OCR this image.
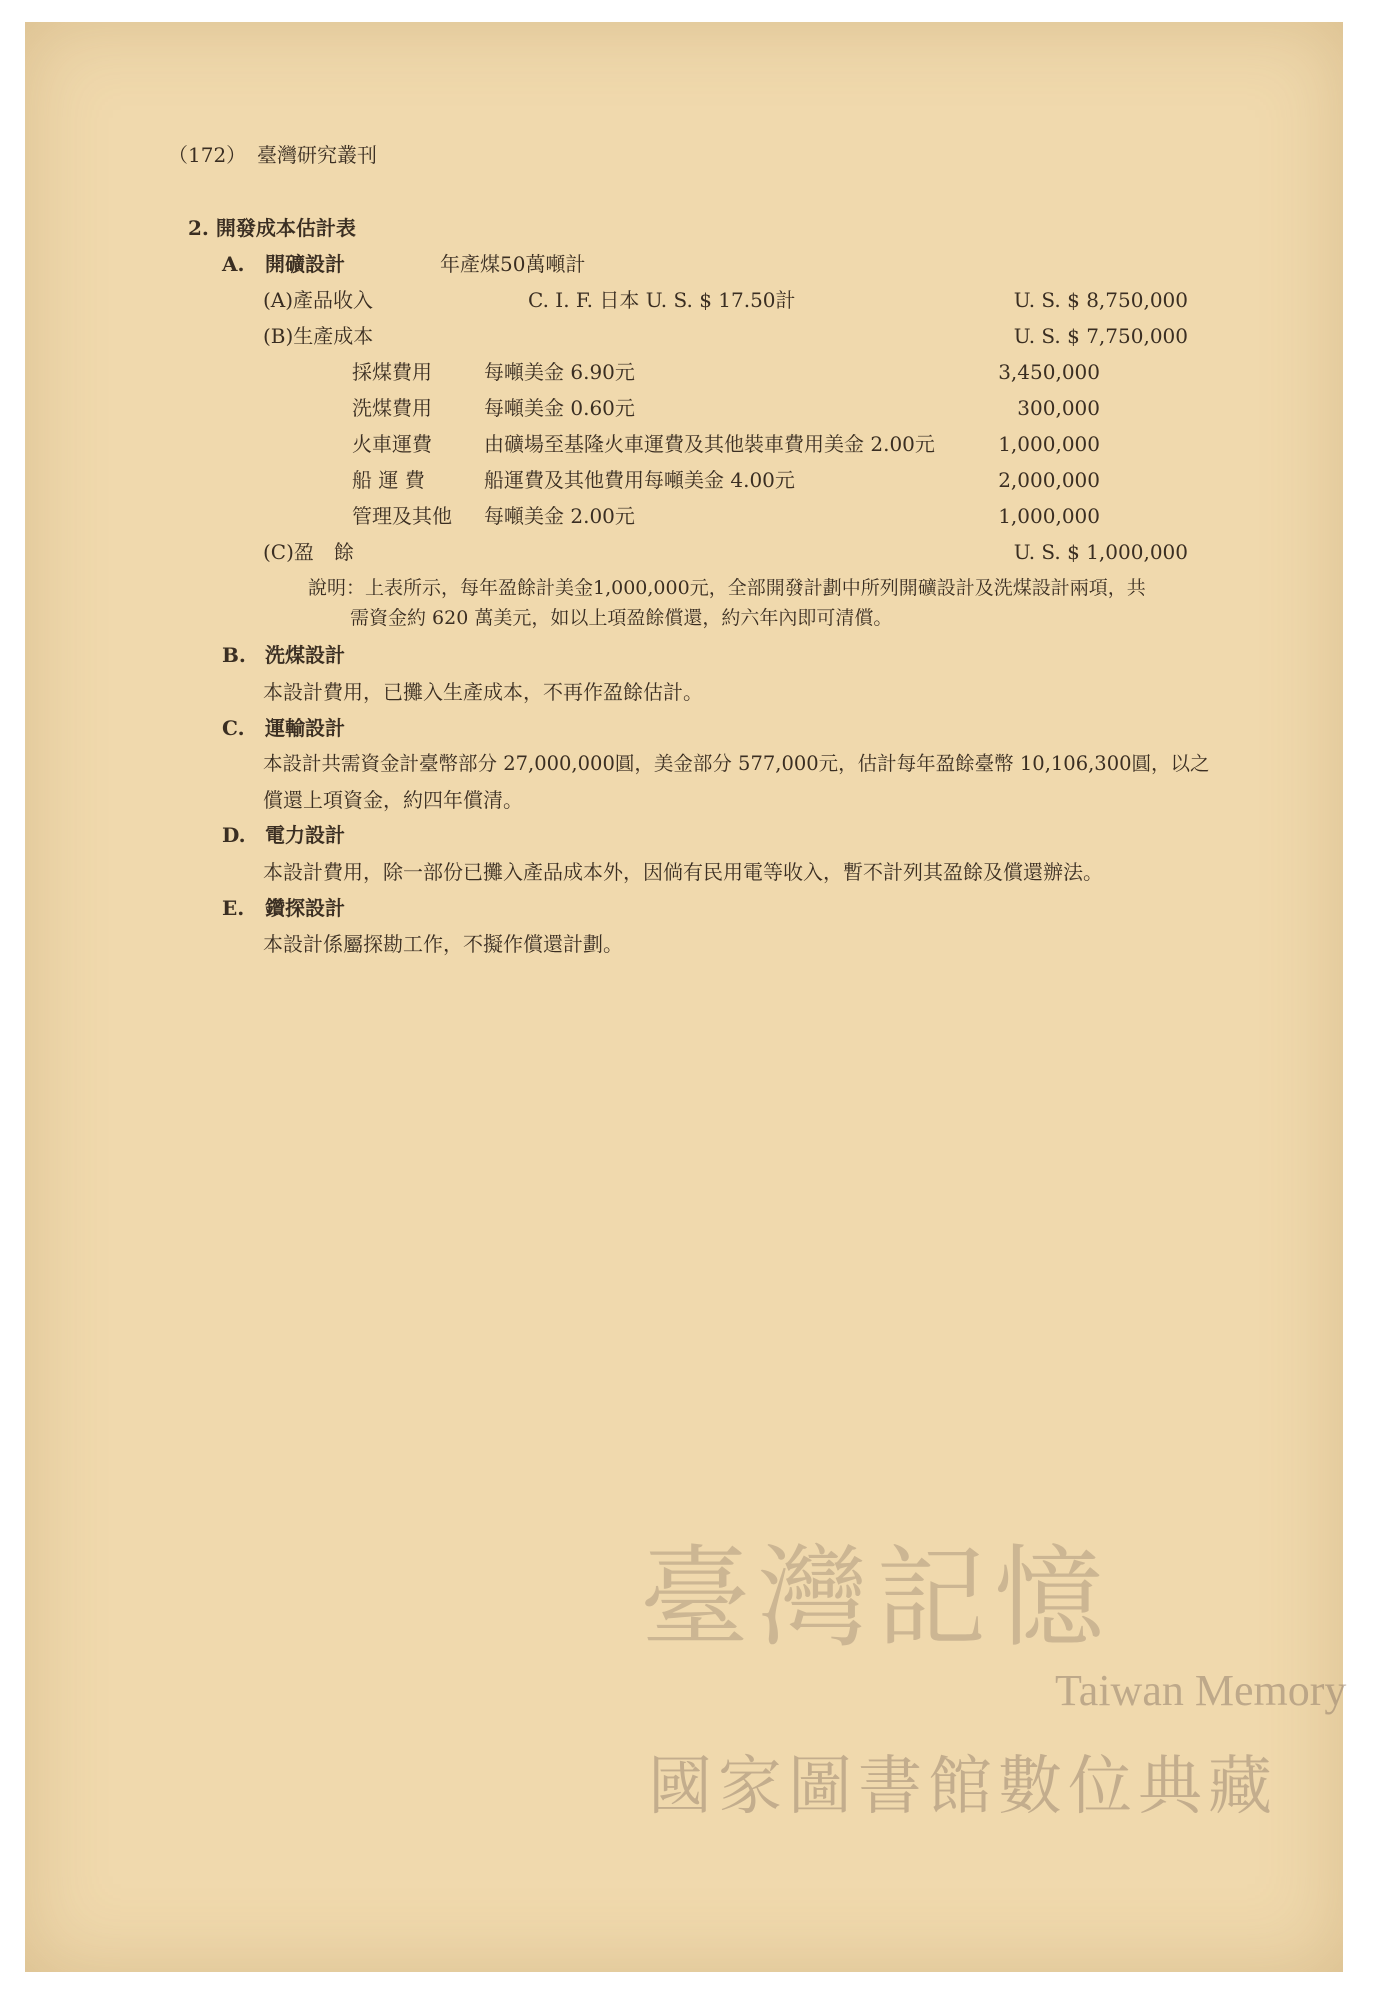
（172） 臺灣研究叢刊
2. 開發成本估計表
A. 開礦設計	年產煤50萬噸計
(A)產品收入	C. I. F. 日本 U. S. $ 17.50計	U. S. $ 8,750,000
(B)生產成本	U. S. $ 7,750,000
採煤費用	每噸美金 6.90元	3,450,000
洗煤費用	每噸美金 0.60元	300,000
火車運費	由礦場至基隆火車運費及其他裝車費用美金 2.00元	1,000,000
船 運 費	船運費及其他費用每噸美金 4.00元	2,000,000
管理及其他 每噸美金 2.00元	1,000,000
(C)盈　餘	U. S. $ 1,000,000
說明：上表所示，每年盈餘計美金1,000,000元，全部開發計劃中所列開礦設計及洗煤設計兩項，共
需資金約 620 萬美元，如以上項盈餘償還，約六年內即可清償。
B. 洗煤設計
本設計費用，已攤入生產成本，不再作盈餘估計。
C. 運輸設計
本設計共需資金計臺幣部分 27,000,000圓，美金部分 577,000元，估計每年盈餘臺幣 10,106,300圓，以之
償還上項資金，約四年償清。
D. 電力設計
本設計費用，除一部份已攤入產品成本外，因倘有民用電等收入，暫不計列其盈餘及償還辦法。
E. 鑽探設計
本設計係屬探勘工作，不擬作償還計劃。
臺灣記憶
Taiwan Memory
國家圖書館數位典藏
